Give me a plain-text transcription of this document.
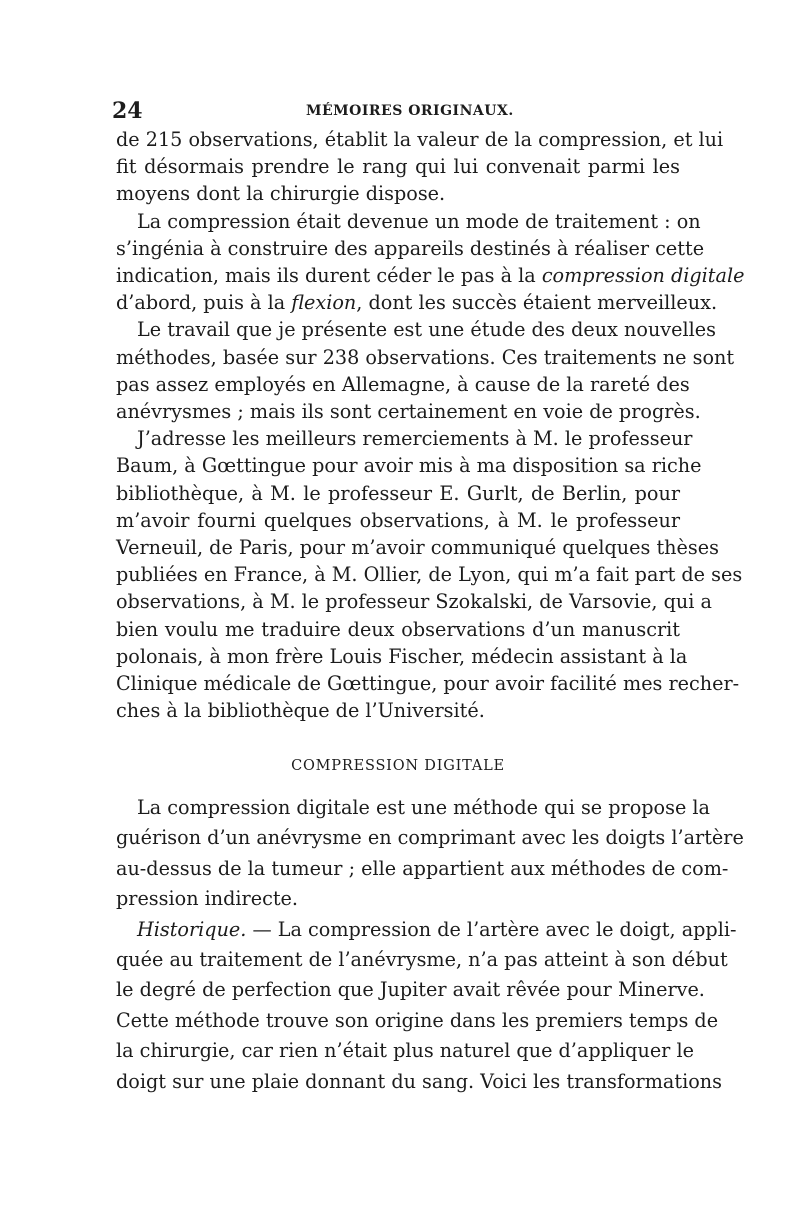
24	MÉMOIRES ORIGINAUX.
de 215 observations, établit la valeur de la compression, et lui
fit désormais prendre le rang qui lui convenait parmi les
moyens dont la chirurgie dispose.
La compression était devenue un mode de traitement : on
s’ingénia à construire des appareils destinés à réaliser cette
indication, mais ils durent céder le pas à la compression digitale
d’abord, puis à la flexion, dont les succès étaient merveilleux.
Le travail que je présente est une étude des deux nouvelles
méthodes, basée sur 238 observations. Ces traitements ne sont
pas assez employés en Allemagne, à cause de la rareté des
anévrysmes ; mais ils sont certainement en voie de progrès.
J’adresse les meilleurs remerciements à M. le professeur
Baum, à Gœttingue pour avoir mis à ma disposition sa riche
bibliothèque, à M. le professeur E. Gurlt, de Berlin, pour
m’avoir fourni quelques observations, à M. le professeur
Verneuil, de Paris, pour m’avoir communiqué quelques thèses
publiées en France, à M. Ollier, de Lyon, qui m’a fait part de ses
observations, à M. le professeur Szokalski, de Varsovie, qui a
bien voulu me traduire deux observations d’un manuscrit
polonais, à mon frère Louis Fischer, médecin assistant à la
Clinique médicale de Gœttingue, pour avoir facilité mes recher-
ches à la bibliothèque de l’Université.
COMPRESSION DIGITALE
La compression digitale est une méthode qui se propose la
guérison d’un anévrysme en comprimant avec les doigts l’artère
au-dessus de la tumeur ; elle appartient aux méthodes de com-
pression indirecte.
Historique. — La compression de l’artère avec le doigt, appli-
quée au traitement de l’anévrysme, n’a pas atteint à son début
le degré de perfection que Jupiter avait rêvée pour Minerve.
Cette méthode trouve son origine dans les premiers temps de
la chirurgie, car rien n’était plus naturel que d’appliquer le
doigt sur une plaie donnant du sang. Voici les transformations
